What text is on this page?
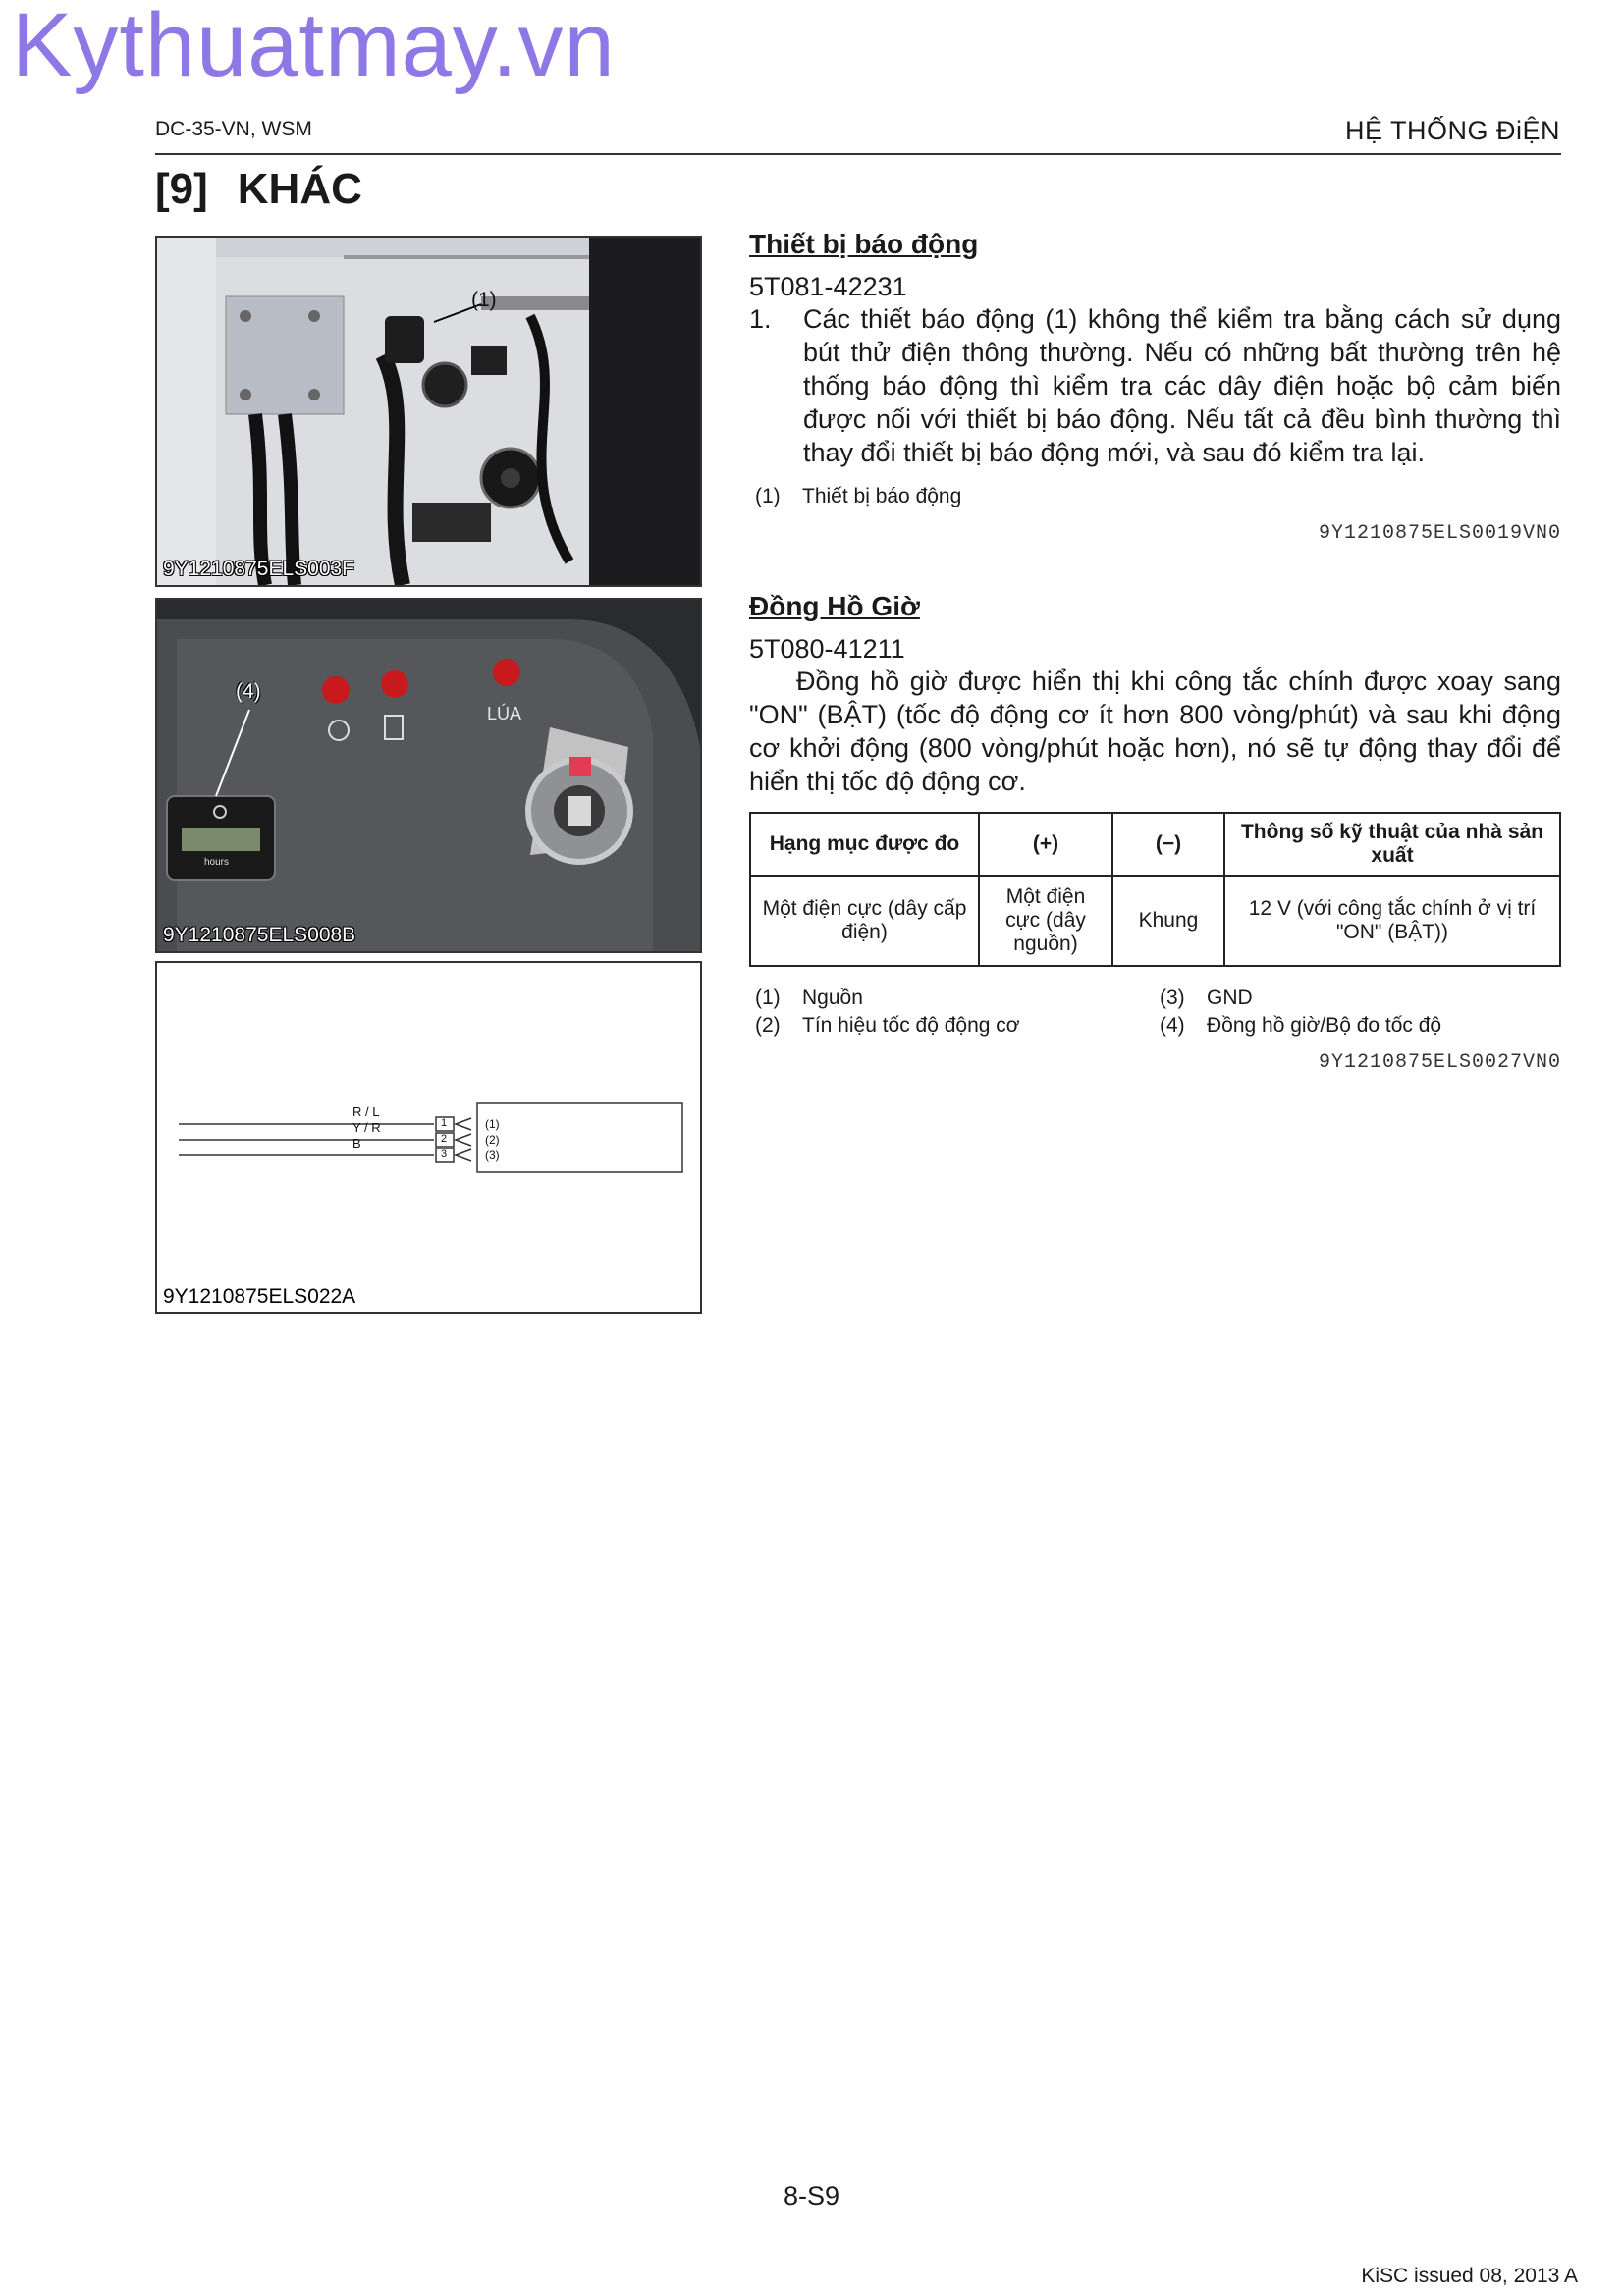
Kythuatmay.vn
DC-35-VN, WSM	HỆ THỐNG ĐiỆN
[9] KHÁC
(1)
9Y1210875ELS003F
(4)
LÚA
hours
9Y1210875ELS008B
R / L
Y / R
B
1
2
3
(1)
(2)
(3)
9Y1210875ELS022A
Thiết bị báo động
5T081-42231
1.	Các thiết báo động (1) không thể kiểm tra bằng cách sử dụng bút thử điện thông thường. Nếu có những bất thường trên hệ thống báo động thì kiểm tra các dây điện hoặc bộ cảm biến được nối với thiết bị báo động. Nếu tất cả đều bình thường thì thay đổi thiết bị báo động mới, và sau đó kiểm tra lại.
(1)	Thiết bị báo động
9Y1210875ELS0019VN0
Đồng Hồ Giờ
5T080-41211
Đồng hồ giờ được hiển thị khi công tắc chính được xoay sang "ON" (BẬT) (tốc độ động cơ ít hơn 800 vòng/phút) và sau khi động cơ khởi động (800 vòng/phút hoặc hơn), nó sẽ tự động thay đổi để hiển thị tốc độ động cơ.
Hạng mục được đo	(+)	(−)	Thông số kỹ thuật của nhà sản xuất
Một điện cực (dây cấp điện)	Một điện cực (dây nguồn)	Khung	12 V (với công tắc chính ở vị trí "ON" (BẬT))
(1)	Nguồn	(3)	GND
(2)	Tín hiệu tốc độ động cơ	(4)	Đồng hồ giờ/Bộ đo tốc độ
9Y1210875ELS0027VN0
8-S9
KiSC issued 08, 2013 A
